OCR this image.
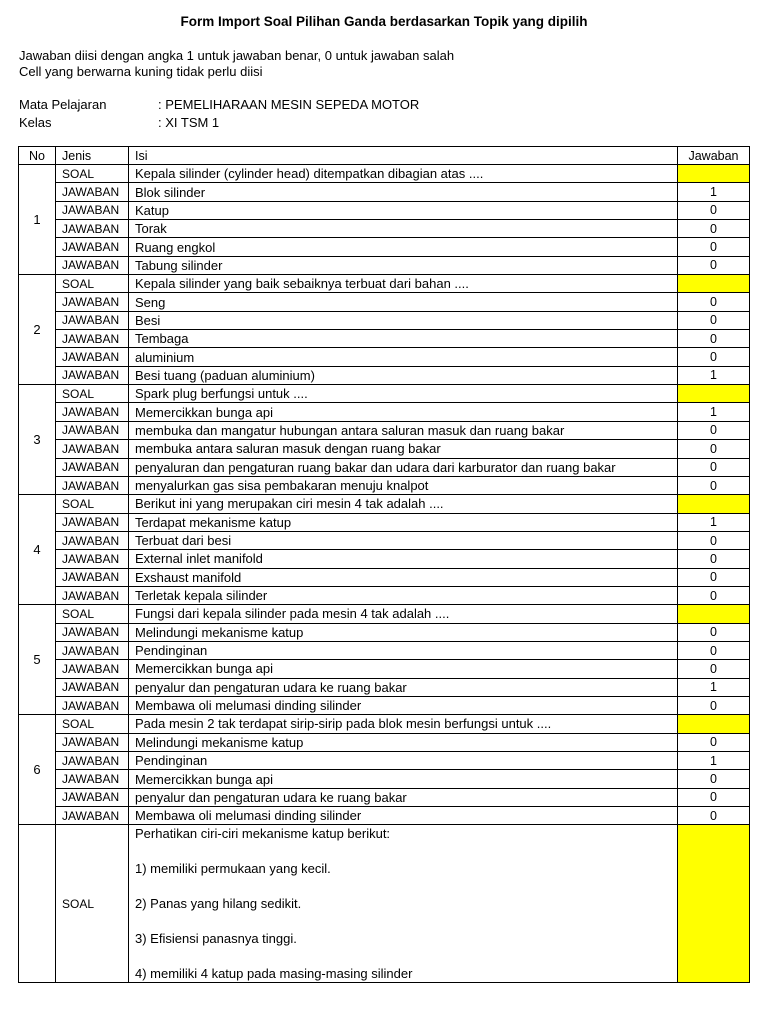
Form Import Soal Pilihan Ganda berdasarkan Topik yang dipilih
Jawaban diisi dengan angka 1 untuk jawaban benar, 0 untuk jawaban salah
Cell yang berwarna kuning tidak perlu diisi
Mata Pelajaran	: PEMELIHARAAN MESIN SEPEDA MOTOR
Kelas	: XI TSM 1
No	Jenis	Isi	Jawaban
1	SOAL	Kepala silinder (cylinder head) ditempatkan dibagian atas ....	
	JAWABAN	Blok silinder	1
	JAWABAN	Katup	0
	JAWABAN	Torak	0
	JAWABAN	Ruang engkol	0
	JAWABAN	Tabung silinder	0
2	SOAL	Kepala silinder yang baik sebaiknya terbuat dari bahan ....	
	JAWABAN	Seng	0
	JAWABAN	Besi	0
	JAWABAN	Tembaga	0
	JAWABAN	aluminium	0
	JAWABAN	Besi tuang (paduan aluminium)	1
3	SOAL	Spark plug berfungsi untuk ....	
	JAWABAN	Memercikkan bunga api	1
	JAWABAN	membuka dan mangatur hubungan antara saluran masuk dan ruang bakar	0
	JAWABAN	membuka antara saluran masuk dengan ruang bakar	0
	JAWABAN	penyaluran dan pengaturan ruang bakar dan udara dari karburator dan ruang bakar	0
	JAWABAN	menyalurkan gas sisa pembakaran menuju knalpot	0
4	SOAL	Berikut ini yang merupakan ciri mesin 4 tak adalah ....	
	JAWABAN	Terdapat mekanisme katup	1
	JAWABAN	Terbuat dari besi	0
	JAWABAN	External inlet manifold	0
	JAWABAN	Exshaust manifold	0
	JAWABAN	Terletak kepala silinder	0
5	SOAL	Fungsi dari kepala silinder pada mesin 4 tak adalah ....	
	JAWABAN	Melindungi mekanisme katup	0
	JAWABAN	Pendinginan	0
	JAWABAN	Memercikkan bunga api	0
	JAWABAN	penyalur dan pengaturan udara ke ruang bakar	1
	JAWABAN	Membawa oli melumasi dinding silinder	0
6	SOAL	Pada mesin 2 tak terdapat sirip-sirip pada blok mesin berfungsi untuk ....	
	JAWABAN	Melindungi mekanisme katup	0
	JAWABAN	Pendinginan	1
	JAWABAN	Memercikkan bunga api	0
	JAWABAN	penyalur dan pengaturan udara ke ruang bakar	0
	JAWABAN	Membawa oli melumasi dinding silinder	0
	SOAL	Perhatikan ciri-ciri mekanisme katup berikut:
1) memiliki permukaan yang kecil.
2) Panas yang hilang sedikit.
3) Efisiensi panasnya tinggi.
4) memiliki 4 katup pada masing-masing silinder	
